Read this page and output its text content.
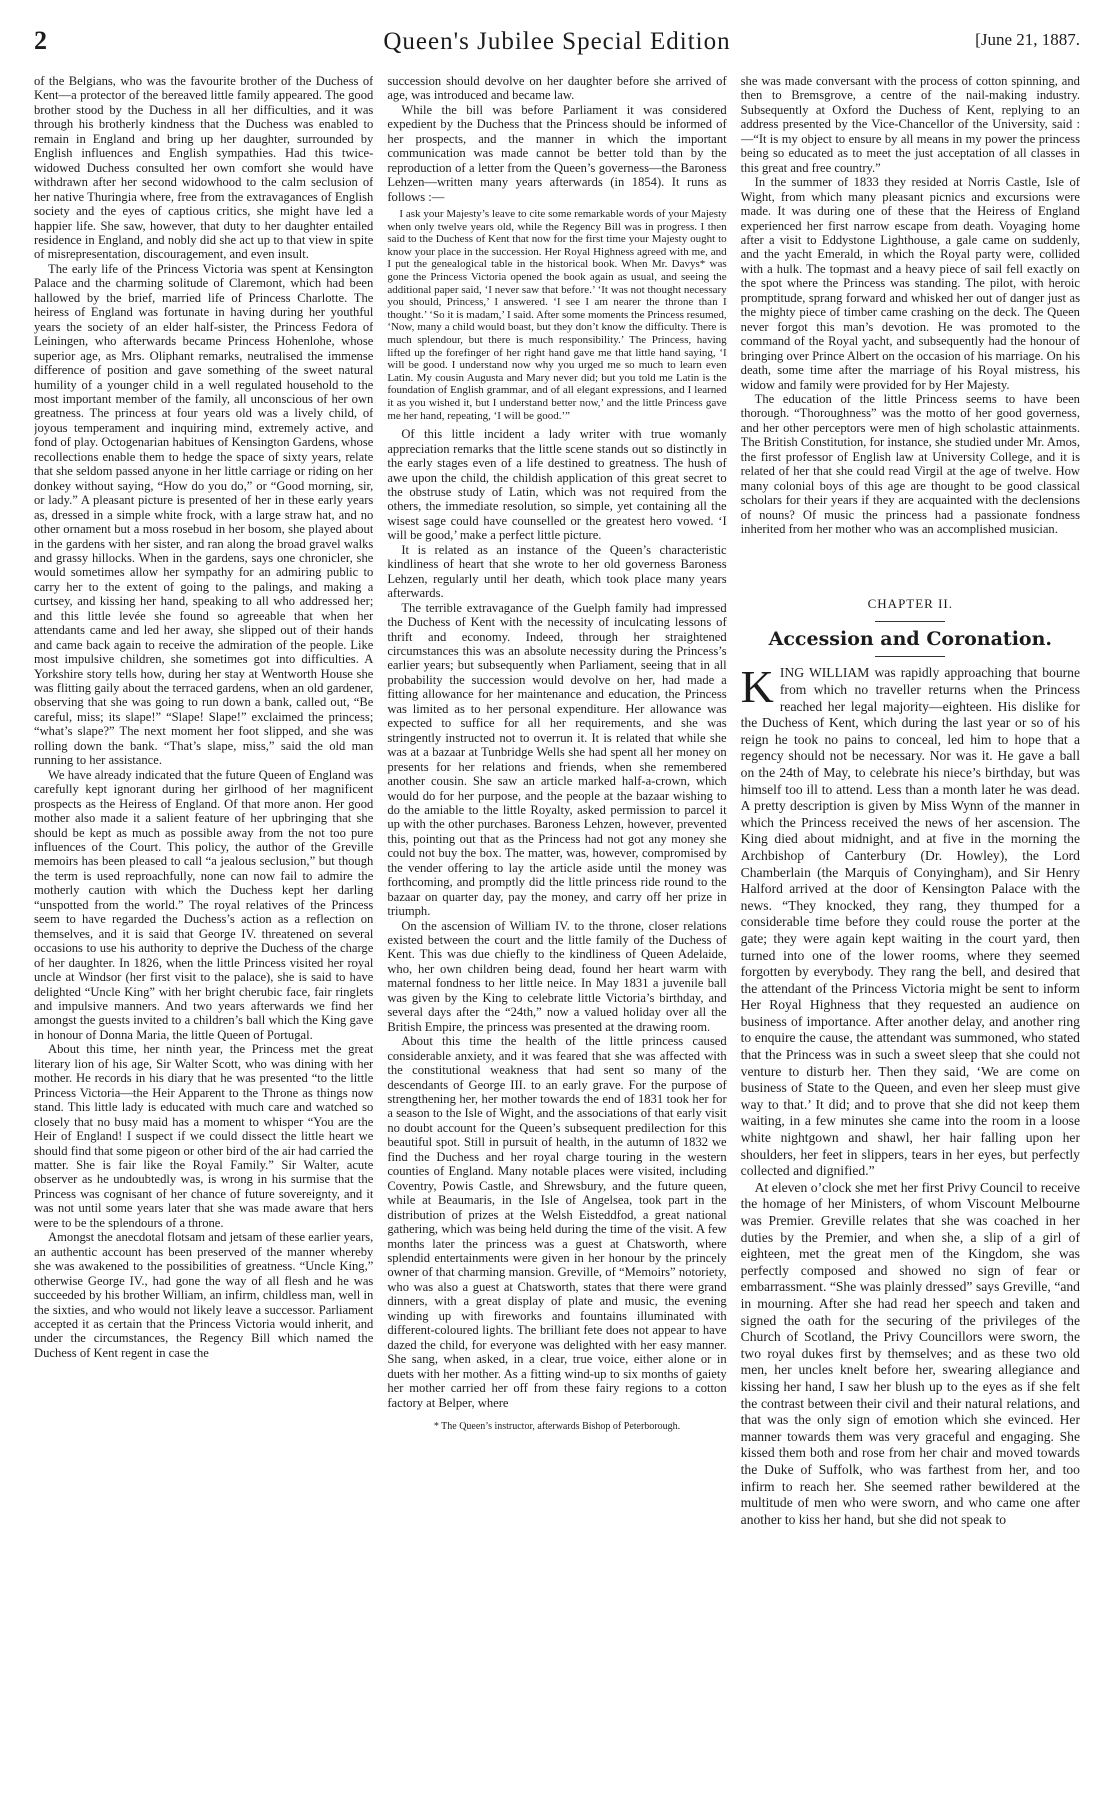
2	Queen's Jubilee Special Edition	[June 21, 1887.

of the Belgians, who was the favourite brother of the Duchess of Kent—a protector of the bereaved little family appeared. The good brother stood by the Duchess in all her difficulties, and it was through his brotherly kindness that the Duchess was enabled to remain in England and bring up her daughter, surrounded by English influences and English sympathies. Had this twice-widowed Duchess consulted her own comfort she would have withdrawn after her second widowhood to the calm seclusion of her native Thuringia where, free from the extravagances of English society and the eyes of captious critics, she might have led a happier life. She saw, however, that duty to her daughter entailed residence in England, and nobly did she act up to that view in spite of misrepresentation, discouragement, and even insult.

The early life of the Princess Victoria was spent at Kensington Palace and the charming solitude of Claremont, which had been hallowed by the brief, married life of Princess Charlotte. The heiress of England was fortunate in having during her youthful years the society of an elder half-sister, the Princess Fedora of Leiningen, who afterwards became Princess Hohenlohe, whose superior age, as Mrs. Oliphant remarks, neutralised the immense difference of position and gave something of the sweet natural humility of a younger child in a well regulated household to the most important member of the family, all unconscious of her own greatness. The princess at four years old was a lively child, of joyous temperament and inquiring mind, extremely active, and fond of play. Octogenarian habitues of Kensington Gardens, whose recollections enable them to hedge the space of sixty years, relate that she seldom passed anyone in her little carriage or riding on her donkey without saying, “How do you do,” or “Good morning, sir, or lady.” A pleasant picture is presented of her in these early years as, dressed in a simple white frock, with a large straw hat, and no other ornament but a moss rosebud in her bosom, she played about in the gardens with her sister, and ran along the broad gravel walks and grassy hillocks. When in the gardens, says one chronicler, she would sometimes allow her sympathy for an admiring public to carry her to the extent of going to the palings, and making a curtsey, and kissing her hand, speaking to all who addressed her; and this little levée she found so agreeable that when her attendants came and led her away, she slipped out of their hands and came back again to receive the admiration of the people. Like most impulsive children, she sometimes got into difficulties. A Yorkshire story tells how, during her stay at Wentworth House she was flitting gaily about the terraced gardens, when an old gardener, observing that she was going to run down a bank, called out, “Be careful, miss; its slape!” “Slape! Slape!” exclaimed the princess; “what’s slape?” The next moment her foot slipped, and she was rolling down the bank. “That’s slape, miss,” said the old man running to her assistance.

We have already indicated that the future Queen of England was carefully kept ignorant during her girlhood of her magnificent prospects as the Heiress of England. Of that more anon. Her good mother also made it a salient feature of her upbringing that she should be kept as much as possible away from the not too pure influences of the Court. This policy, the author of the Greville memoirs has been pleased to call “a jealous seclusion,” but though the term is used reproachfully, none can now fail to admire the motherly caution with which the Duchess kept her darling “unspotted from the world.” The royal relatives of the Princess seem to have regarded the Duchess’s action as a reflection on themselves, and it is said that George IV. threatened on several occasions to use his authority to deprive the Duchess of the charge of her daughter. In 1826, when the little Princess visited her royal uncle at Windsor (her first visit to the palace), she is said to have delighted “Uncle King” with her bright cherubic face, fair ringlets and impulsive manners. And two years afterwards we find her amongst the guests invited to a children’s ball which the King gave in honour of Donna Maria, the little Queen of Portugal.

About this time, her ninth year, the Princess met the great literary lion of his age, Sir Walter Scott, who was dining with her mother. He records in his diary that he was presented “to the little Princess Victoria—the Heir Apparent to the Throne as things now stand. This little lady is educated with much care and watched so closely that no busy maid has a moment to whisper “You are the Heir of England! I suspect if we could dissect the little heart we should find that some pigeon or other bird of the air had carried the matter. She is fair like the Royal Family.” Sir Walter, acute observer as he undoubtedly was, is wrong in his surmise that the Princess was cognisant of her chance of future sovereignty, and it was not until some years later that she was made aware that hers were to be the splendours of a throne.

Amongst the anecdotal flotsam and jetsam of these earlier years, an authentic account has been preserved of the manner whereby she was awakened to the possibilities of greatness. “Uncle King,” otherwise George IV., had gone the way of all flesh and he was succeeded by his brother William, an infirm, childless man, well in the sixties, and who would not likely leave a successor. Parliament accepted it as certain that the Princess Victoria would inherit, and under the circumstances, the Regency Bill which named the Duchess of Kent regent in case the

succession should devolve on her daughter before she arrived of age, was introduced and became law.

While the bill was before Parliament it was considered expedient by the Duchess that the Princess should be informed of her prospects, and the manner in which the important communication was made cannot be better told than by the reproduction of a letter from the Queen’s governess—the Baroness Lehzen—written many years afterwards (in 1854). It runs as follows :—

I ask your Majesty’s leave to cite some remarkable words of your Majesty when only twelve years old, while the Regency Bill was in progress. I then said to the Duchess of Kent that now for the first time your Majesty ought to know your place in the succession. Her Royal Highness agreed with me, and I put the genealogical table in the historical book. When Mr. Davys* was gone the Princess Victoria opened the book again as usual, and seeing the additional paper said, ‘I never saw that before.’ ‘It was not thought necessary you should, Princess,’ I answered. ‘I see I am nearer the throne than I thought.’ ‘So it is madam,’ I said. After some moments the Princess resumed, ‘Now, many a child would boast, but they don’t know the difficulty. There is much splendour, but there is much responsibility.’ The Princess, having lifted up the forefinger of her right hand gave me that little hand saying, ‘I will be good. I understand now why you urged me so much to learn even Latin. My cousin Augusta and Mary never did; but you told me Latin is the foundation of English grammar, and of all elegant expressions, and I learned it as you wished it, but I understand better now,’ and the little Princess gave me her hand, repeating, ‘I will be good.’”

Of this little incident a lady writer with true womanly appreciation remarks that the little scene stands out so distinctly in the early stages even of a life destined to greatness. The hush of awe upon the child, the childish application of this great secret to the obstruse study of Latin, which was not required from the others, the immediate resolution, so simple, yet containing all the wisest sage could have counselled or the greatest hero vowed. ‘I will be good,’ make a perfect little picture.

It is related as an instance of the Queen’s characteristic kindliness of heart that she wrote to her old governess Baroness Lehzen, regularly until her death, which took place many years afterwards.

The terrible extravagance of the Guelph family had impressed the Duchess of Kent with the necessity of inculcating lessons of thrift and economy. Indeed, through her straightened circumstances this was an absolute necessity during the Princess’s earlier years; but subsequently when Parliament, seeing that in all probability the succession would devolve on her, had made a fitting allowance for her maintenance and education, the Princess was limited as to her personal expenditure. Her allowance was expected to suffice for all her requirements, and she was stringently instructed not to overrun it. It is related that while she was at a bazaar at Tunbridge Wells she had spent all her money on presents for her relations and friends, when she remembered another cousin. She saw an article marked half-a-crown, which would do for her purpose, and the people at the bazaar wishing to do the amiable to the little Royalty, asked permission to parcel it up with the other purchases. Baroness Lehzen, however, prevented this, pointing out that as the Princess had not got any money she could not buy the box. The matter, was, however, compromised by the vender offering to lay the article aside until the money was forthcoming, and promptly did the little princess ride round to the bazaar on quarter day, pay the money, and carry off her prize in triumph.

On the ascension of William IV. to the throne, closer relations existed between the court and the little family of the Duchess of Kent. This was due chiefly to the kindliness of Queen Adelaide, who, her own children being dead, found her heart warm with maternal fondness to her little neice. In May 1831 a juvenile ball was given by the King to celebrate little Victoria’s birthday, and several days after the “24th,” now a valued holiday over all the British Empire, the princess was presented at the drawing room.

About this time the health of the little princess caused considerable anxiety, and it was feared that she was affected with the constitutional weakness that had sent so many of the descendants of George III. to an early grave. For the purpose of strengthening her, her mother towards the end of 1831 took her for a season to the Isle of Wight, and the associations of that early visit no doubt account for the Queen’s subsequent predilection for this beautiful spot. Still in pursuit of health, in the autumn of 1832 we find the Duchess and her royal charge touring in the western counties of England. Many notable places were visited, including Coventry, Powis Castle, and Shrewsbury, and the future queen, while at Beaumaris, in the Isle of Angelsea, took part in the distribution of prizes at the Welsh Eisteddfod, a great national gathering, which was being held during the time of the visit. A few months later the princess was a guest at Chatsworth, where splendid entertainments were given in her honour by the princely owner of that charming mansion. Greville, of “Memoirs” notoriety, who was also a guest at Chatsworth, states that there were grand dinners, with a great display of plate and music, the evening winding up with fireworks and fountains illuminated with different-coloured lights. The brilliant fete does not appear to have dazed the child, for everyone was delighted with her easy manner. She sang, when asked, in a clear, true voice, either alone or in duets with her mother. As a fitting wind-up to six months of gaiety her mother carried her off from these fairy regions to a cotton factory at Belper, where

* The Queen’s instructor, afterwards Bishop of Peterborough.

she was made conversant with the process of cotton spinning, and then to Bremsgrove, a centre of the nail-making industry. Subsequently at Oxford the Duchess of Kent, replying to an address presented by the Vice-Chancellor of the University, said :—“It is my object to ensure by all means in my power the princess being so educated as to meet the just acceptation of all classes in this great and free country.”

In the summer of 1833 they resided at Norris Castle, Isle of Wight, from which many pleasant picnics and excursions were made. It was during one of these that the Heiress of England experienced her first narrow escape from death. Voyaging home after a visit to Eddystone Lighthouse, a gale came on suddenly, and the yacht Emerald, in which the Royal party were, collided with a hulk. The topmast and a heavy piece of sail fell exactly on the spot where the Princess was standing. The pilot, with heroic promptitude, sprang forward and whisked her out of danger just as the mighty piece of timber came crashing on the deck. The Queen never forgot this man’s devotion. He was promoted to the command of the Royal yacht, and subsequently had the honour of bringing over Prince Albert on the occasion of his marriage. On his death, some time after the marriage of his Royal mistress, his widow and family were provided for by Her Majesty.

The education of the little Princess seems to have been thorough. “Thoroughness” was the motto of her good governess, and her other perceptors were men of high scholastic attainments. The British Constitution, for instance, she studied under Mr. Amos, the first professor of English law at University College, and it is related of her that she could read Virgil at the age of twelve. How many colonial boys of this age are thought to be good classical scholars for their years if they are acquainted with the declensions of nouns? Of music the princess had a passionate fondness inherited from her mother who was an accomplished musician.

CHAPTER II.
Accession and Coronation.

KING WILLIAM was rapidly approaching that bourne from which no traveller returns when the Princess reached her legal majority—eighteen. His dislike for the Duchess of Kent, which during the last year or so of his reign he took no pains to conceal, led him to hope that a regency should not be necessary. Nor was it. He gave a ball on the 24th of May, to celebrate his niece’s birthday, but was himself too ill to attend. Less than a month later he was dead. A pretty description is given by Miss Wynn of the manner in which the Princess received the news of her ascension. The King died about midnight, and at five in the morning the Archbishop of Canterbury (Dr. Howley), the Lord Chamberlain (the Marquis of Conyingham), and Sir Henry Halford arrived at the door of Kensington Palace with the news. “They knocked, they rang, they thumped for a considerable time before they could rouse the porter at the gate; they were again kept waiting in the court yard, then turned into one of the lower rooms, where they seemed forgotten by everybody. They rang the bell, and desired that the attendant of the Princess Victoria might be sent to inform Her Royal Highness that they requested an audience on business of importance. After another delay, and another ring to enquire the cause, the attendant was summoned, who stated that the Princess was in such a sweet sleep that she could not venture to disturb her. Then they said, ‘We are come on business of State to the Queen, and even her sleep must give way to that.’ It did; and to prove that she did not keep them waiting, in a few minutes she came into the room in a loose white nightgown and shawl, her hair falling upon her shoulders, her feet in slippers, tears in her eyes, but perfectly collected and dignified.”

At eleven o’clock she met her first Privy Council to receive the homage of her Ministers, of whom Viscount Melbourne was Premier. Greville relates that she was coached in her duties by the Premier, and when she, a slip of a girl of eighteen, met the great men of the Kingdom, she was perfectly composed and showed no sign of fear or embarrassment. “She was plainly dressed” says Greville, “and in mourning. After she had read her speech and taken and signed the oath for the securing of the privileges of the Church of Scotland, the Privy Councillors were sworn, the two royal dukes first by themselves; and as these two old men, her uncles knelt before her, swearing allegiance and kissing her hand, I saw her blush up to the eyes as if she felt the contrast between their civil and their natural relations, and that was the only sign of emotion which she evinced. Her manner towards them was very graceful and engaging. She kissed them both and rose from her chair and moved towards the Duke of Suffolk, who was farthest from her, and too infirm to reach her. She seemed rather bewildered at the multitude of men who were sworn, and who came one after another to kiss her hand, but she did not speak to
